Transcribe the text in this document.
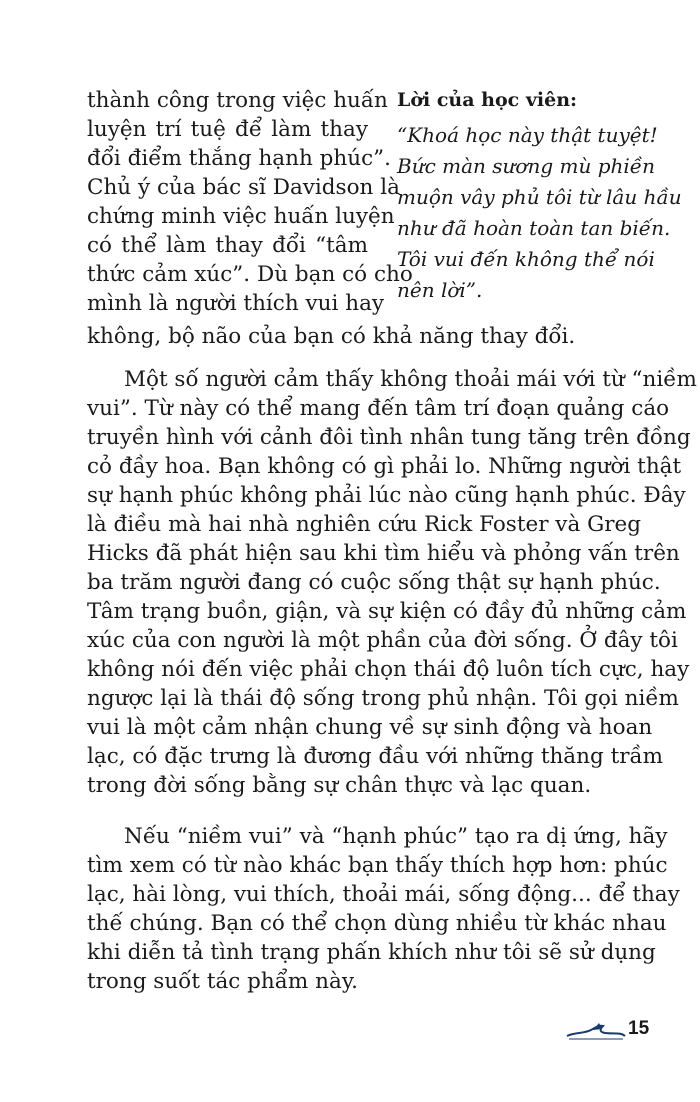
thành công trong việc huấn
luyện trí tuệ để làm thay
đổi điểm thắng hạnh phúc”.
Chủ ý của bác sĩ Davidson là
chứng minh việc huấn luyện
có thể làm thay đổi “tâm
thức cảm xúc”. Dù bạn có cho
mình là người thích vui hay
Lời của học viên:
“Khoá học này thật tuyệt!
Bức màn sương mù phiền
muộn vây phủ tôi từ lâu hầu
như đã hoàn toàn tan biến.
Tôi vui đến không thể nói
nên lời”.
không, bộ não của bạn có khả năng thay đổi.
Một số người cảm thấy không thoải mái với từ “niềm
vui”. Từ này có thể mang đến tâm trí đoạn quảng cáo
truyền hình với cảnh đôi tình nhân tung tăng trên đồng
cỏ đầy hoa. Bạn không có gì phải lo. Những người thật
sự hạnh phúc không phải lúc nào cũng hạnh phúc. Đây
là điều mà hai nhà nghiên cứu Rick Foster và Greg
Hicks đã phát hiện sau khi tìm hiểu và phỏng vấn trên
ba trăm người đang có cuộc sống thật sự hạnh phúc.
Tâm trạng buồn, giận, và sự kiện có đầy đủ những cảm
xúc của con người là một phần của đời sống. Ở đây tôi
không nói đến việc phải chọn thái độ luôn tích cực, hay
ngược lại là thái độ sống trong phủ nhận. Tôi gọi niềm
vui là một cảm nhận chung về sự sinh động và hoan
lạc, có đặc trưng là đương đầu với những thăng trầm
trong đời sống bằng sự chân thực và lạc quan.
Nếu “niềm vui” và “hạnh phúc” tạo ra dị ứng, hãy
tìm xem có từ nào khác bạn thấy thích hợp hơn: phúc
lạc, hài lòng, vui thích, thoải mái, sống động... để thay
thế chúng. Bạn có thể chọn dùng nhiều từ khác nhau
khi diễn tả tình trạng phấn khích như tôi sẽ sử dụng
trong suốt tác phẩm này.
15
